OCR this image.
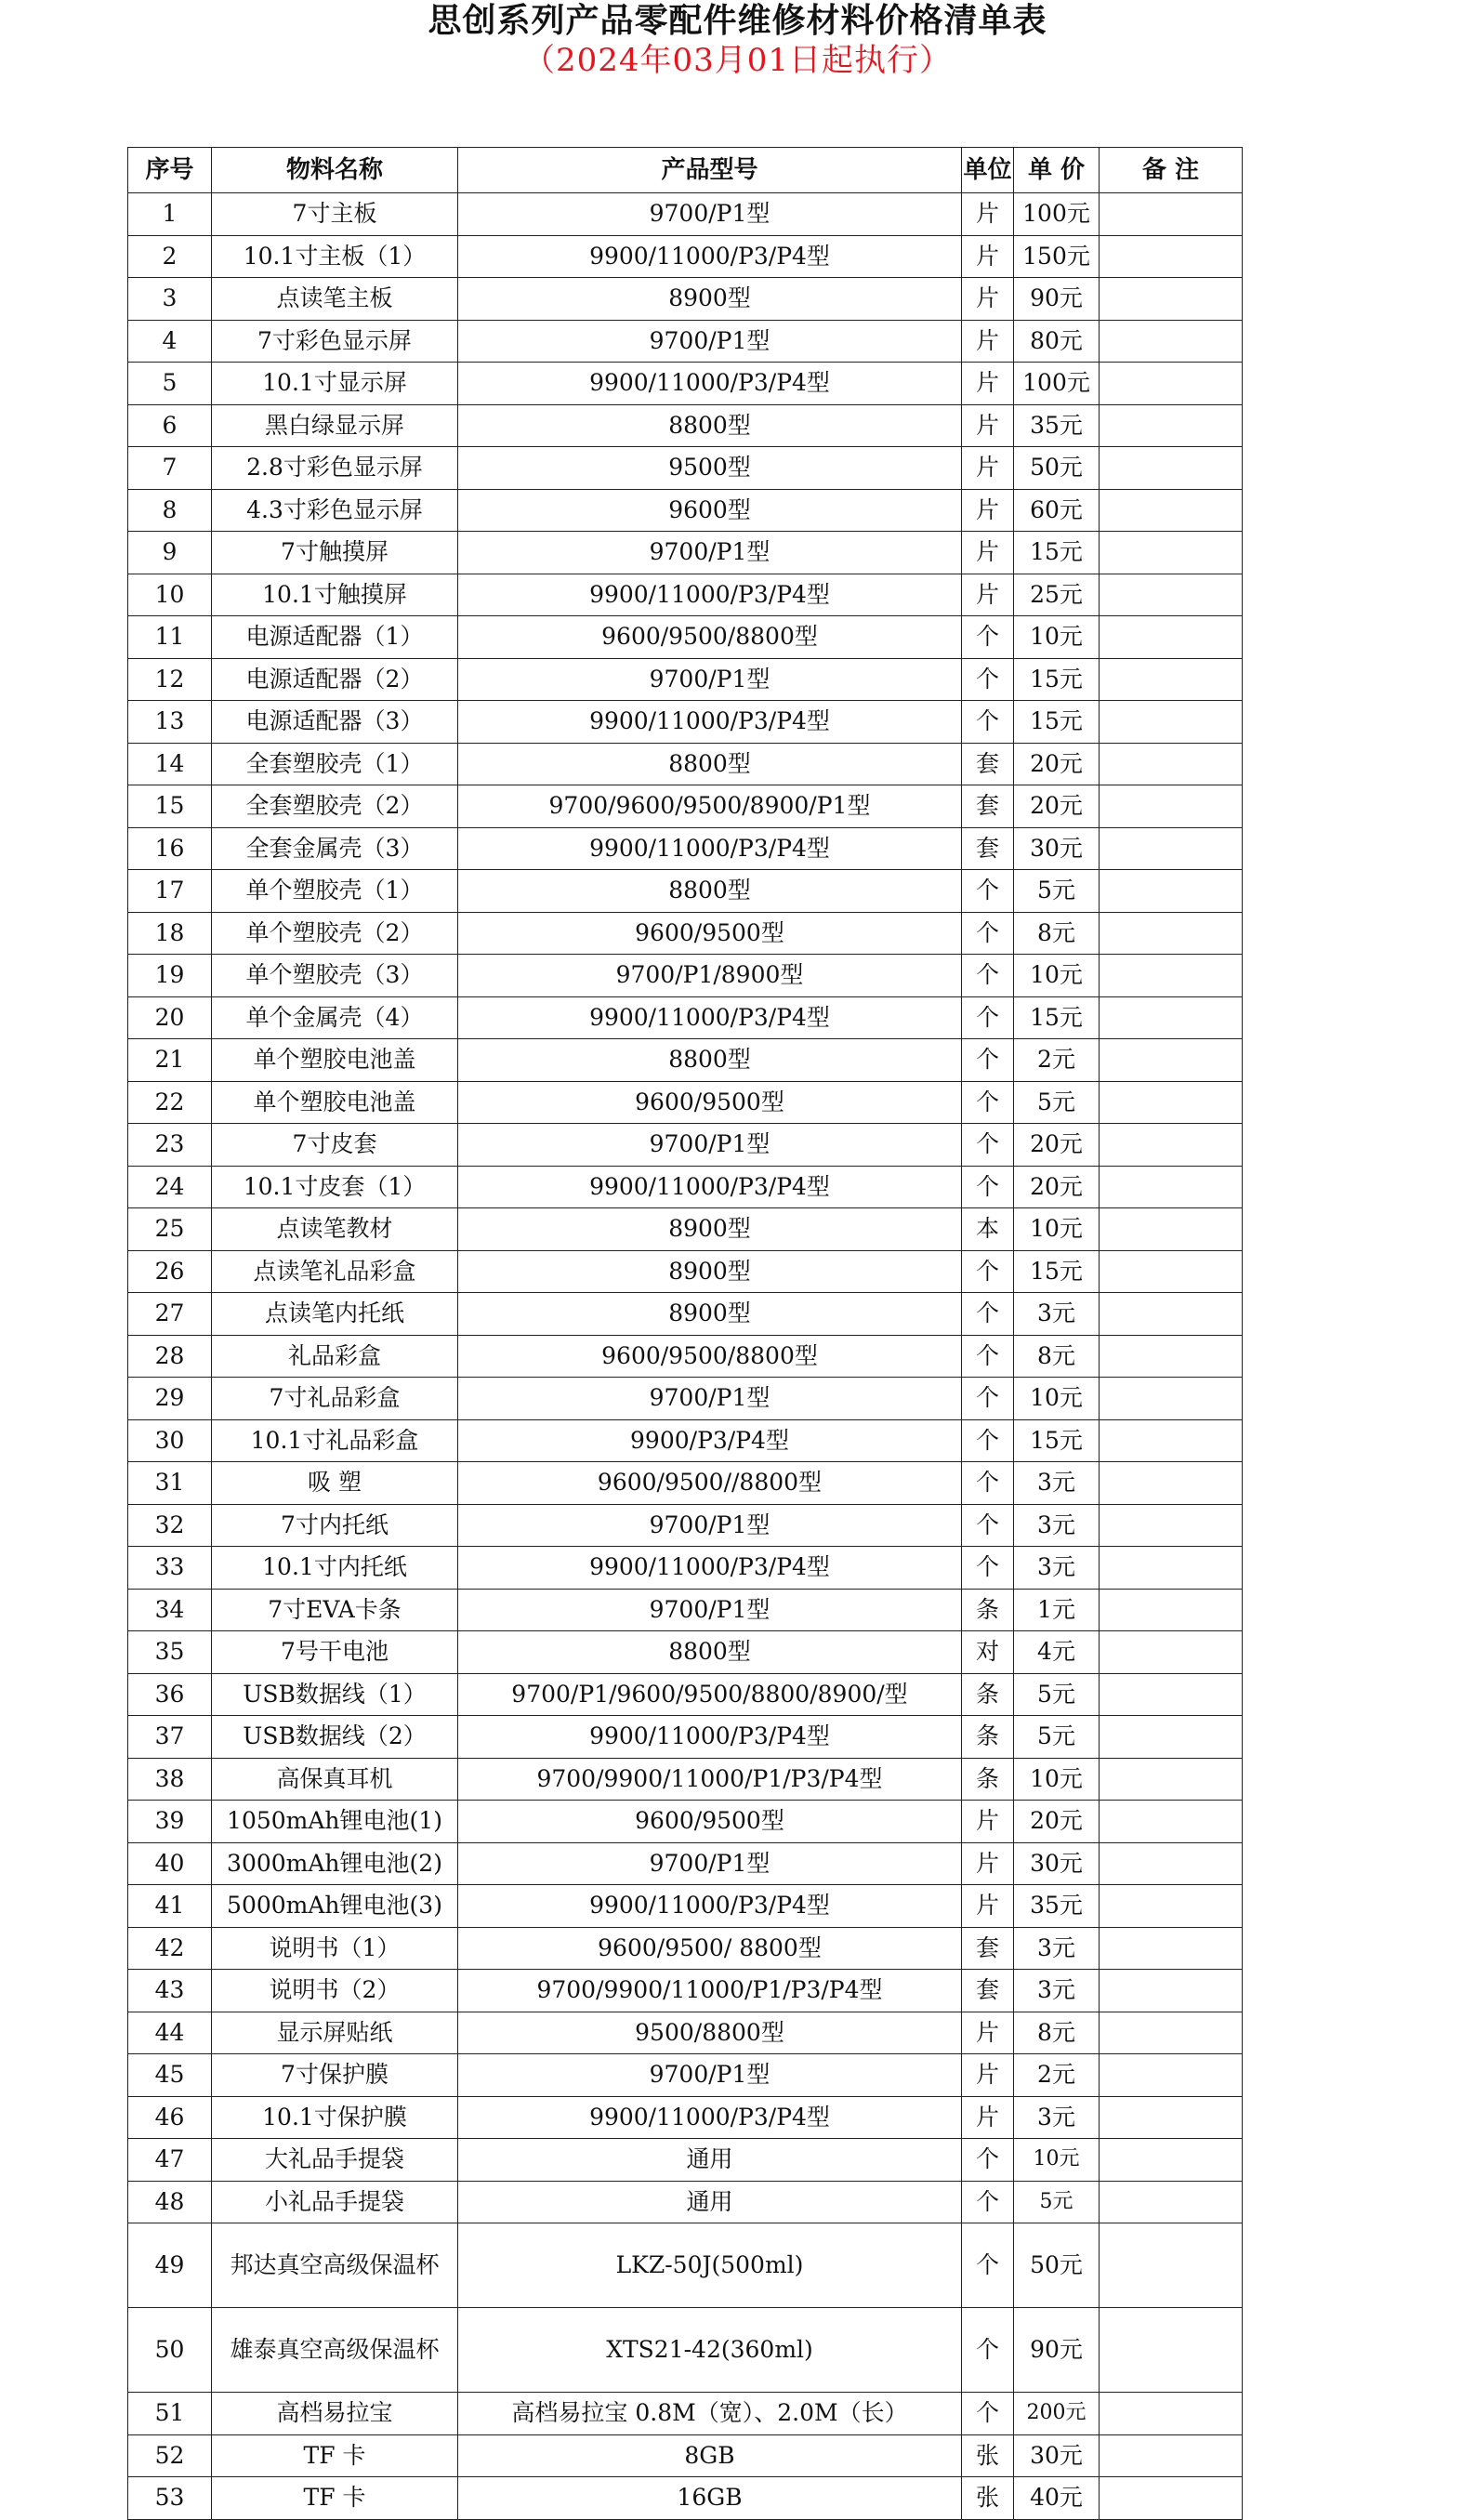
思创系列产品零配件维修材料价格清单表
（2024年03月01日起执行）
序号	物料名称	产品型号	单位	单 价	备 注
1	7寸主板	9700/P1型	片	100元	
2	10.1寸主板（1）	9900/11000/P3/P4型	片	150元	
3	点读笔主板	8900型	片	90元	
4	7寸彩色显示屏	9700/P1型	片	80元	
5	10.1寸显示屏	9900/11000/P3/P4型	片	100元	
6	黑白绿显示屏	8800型	片	35元	
7	2.8寸彩色显示屏	9500型	片	50元	
8	4.3寸彩色显示屏	9600型	片	60元	
9	7寸触摸屏	9700/P1型	片	15元	
10	10.1寸触摸屏	9900/11000/P3/P4型	片	25元	
11	电源适配器（1）	9600/9500/8800型	个	10元	
12	电源适配器（2）	9700/P1型	个	15元	
13	电源适配器（3）	9900/11000/P3/P4型	个	15元	
14	全套塑胶壳（1）	8800型	套	20元	
15	全套塑胶壳（2）	9700/9600/9500/8900/P1型	套	20元	
16	全套金属壳（3）	9900/11000/P3/P4型	套	30元	
17	单个塑胶壳（1）	8800型	个	5元	
18	单个塑胶壳（2）	9600/9500型	个	8元	
19	单个塑胶壳（3）	9700/P1/8900型	个	10元	
20	单个金属壳（4）	9900/11000/P3/P4型	个	15元	
21	单个塑胶电池盖	8800型	个	2元	
22	单个塑胶电池盖	9600/9500型	个	5元	
23	7寸皮套	9700/P1型	个	20元	
24	10.1寸皮套（1）	9900/11000/P3/P4型	个	20元	
25	点读笔教材	8900型	本	10元	
26	点读笔礼品彩盒	8900型	个	15元	
27	点读笔内托纸	8900型	个	3元	
28	礼品彩盒	9600/9500/8800型	个	8元	
29	7寸礼品彩盒	9700/P1型	个	10元	
30	10.1寸礼品彩盒	9900/P3/P4型	个	15元	
31	吸 塑	9600/9500//8800型	个	3元	
32	7寸内托纸	9700/P1型	个	3元	
33	10.1寸内托纸	9900/11000/P3/P4型	个	3元	
34	7寸EVA卡条	9700/P1型	条	1元	
35	7号干电池	8800型	对	4元	
36	USB数据线（1）	9700/P1/9600/9500/8800/8900/型	条	5元	
37	USB数据线（2）	9900/11000/P3/P4型	条	5元	
38	高保真耳机	9700/9900/11000/P1/P3/P4型	条	10元	
39	1050mAh锂电池(1)	9600/9500型	片	20元	
40	3000mAh锂电池(2)	9700/P1型	片	30元	
41	5000mAh锂电池(3)	9900/11000/P3/P4型	片	35元	
42	说明书（1）	9600/9500/ 8800型	套	3元	
43	说明书（2）	9700/9900/11000/P1/P3/P4型	套	3元	
44	显示屏贴纸	9500/8800型	片	8元	
45	7寸保护膜	9700/P1型	片	2元	
46	10.1寸保护膜	9900/11000/P3/P4型	片	3元	
47	大礼品手提袋	通用	个	10元	
48	小礼品手提袋	通用	个	5元	
49	邦达真空高级保温杯	LKZ-50J(500ml)	个	50元	
50	雄泰真空高级保温杯	XTS21-42(360ml)	个	90元	
51	高档易拉宝	高档易拉宝 0.8M（宽）、2.0M（长）	个	200元	
52	TF 卡	8GB	张	30元	
53	TF 卡	16GB	张	40元	
